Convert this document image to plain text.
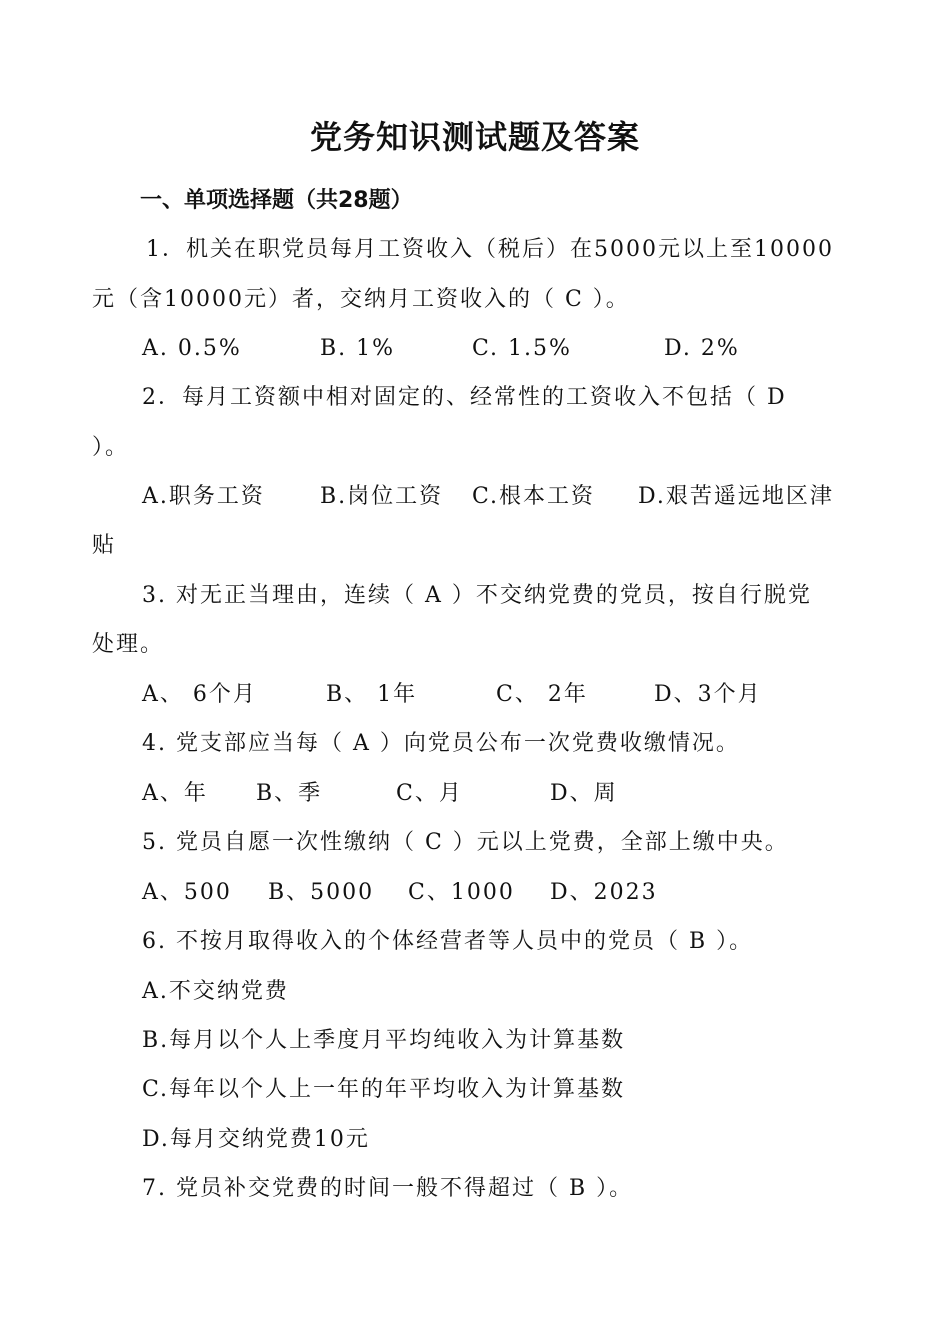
党务知识测试题及答案
一、单项选择题（共28题）
1．机关在职党员每月工资收入（税后）在5000元以上至10000
元（含10000元）者，交纳月工资收入的（ C ）。
A. 0.5%	B. 1%	C. 1.5%	D. 2%
2．每月工资额中相对固定的、经常性的工资收入不包括（ D
）。
A.职务工资	B.岗位工资 C.根本工资 D.艰苦遥远地区津
贴
3. 对无正当理由，连续（ A ）不交纳党费的党员，按自行脱党
处理。
A、 6个月	B、 1年	C、 2年	D、3个月
4. 党支部应当每（ A ）向党员公布一次党费收缴情况。
A、年 B、季	C、月	D、周
5. 党员自愿一次性缴纳（ C ）元以上党费，全部上缴中央。
A、500 B、5000 C、1000 D、2023
6. 不按月取得收入的个体经营者等人员中的党员（ B ）。
A.不交纳党费
B.每月以个人上季度月平均纯收入为计算基数
C.每年以个人上一年的年平均收入为计算基数
D.每月交纳党费10元
7. 党员补交党费的时间一般不得超过（ B ）。
